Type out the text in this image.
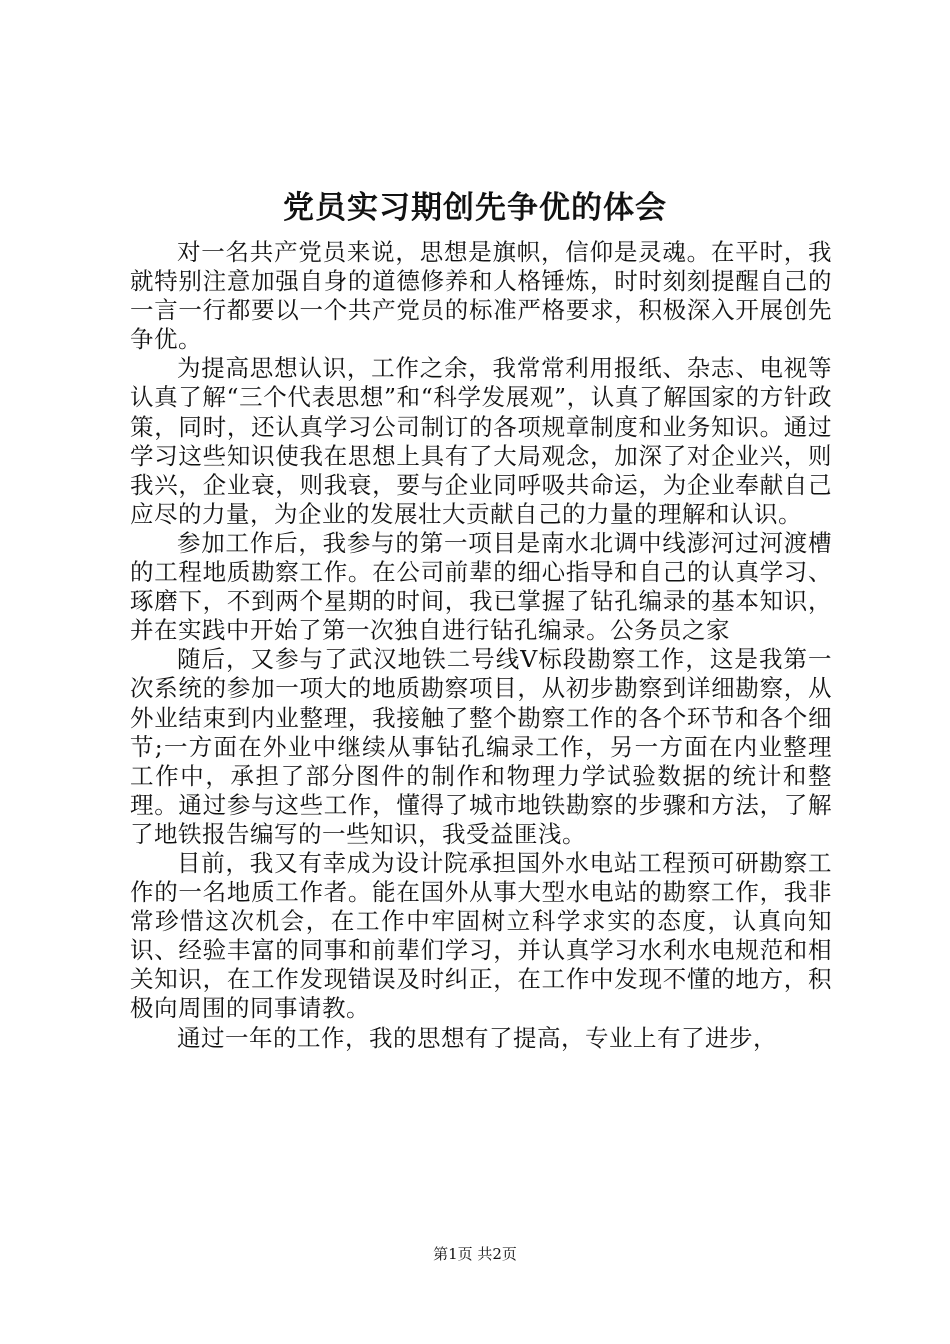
党员实习期创先争优的体会

对一名共产党员来说，思想是旗帜，信仰是灵魂。在平时，我就特别注意加强自身的道德修养和人格锤炼，时时刻刻提醒自己的一言一行都要以一个共产党员的标准严格要求，积极深入开展创先争优。

为提高思想认识，工作之余，我常常利用报纸、杂志、电视等认真了解“三个代表思想”和“科学发展观”，认真了解国家的方针政策，同时，还认真学习公司制订的各项规章制度和业务知识。通过学习这些知识使我在思想上具有了大局观念，加深了对企业兴，则我兴，企业衰，则我衰，要与企业同呼吸共命运，为企业奉献自己应尽的力量，为企业的发展壮大贡献自己的力量的理解和认识。

参加工作后，我参与的第一项目是南水北调中线澎河过河渡槽的工程地质勘察工作。在公司前辈的细心指导和自己的认真学习、琢磨下，不到两个星期的时间，我已掌握了钻孔编录的基本知识，并在实践中开始了第一次独自进行钻孔编录。公务员之家

随后，又参与了武汉地铁二号线Ⅴ标段勘察工作，这是我第一次系统的参加一项大的地质勘察项目，从初步勘察到详细勘察，从外业结束到内业整理，我接触了整个勘察工作的各个环节和各个细节;一方面在外业中继续从事钻孔编录工作，另一方面在内业整理工作中，承担了部分图件的制作和物理力学试验数据的统计和整理。通过参与这些工作，懂得了城市地铁勘察的步骤和方法，了解了地铁报告编写的一些知识，我受益匪浅。

目前，我又有幸成为设计院承担国外水电站工程预可研勘察工作的一名地质工作者。能在国外从事大型水电站的勘察工作，我非常珍惜这次机会，在工作中牢固树立科学求实的态度，认真向知识、经验丰富的同事和前辈们学习，并认真学习水利水电规范和相关知识，在工作发现错误及时纠正，在工作中发现不懂的地方，积极向周围的同事请教。

通过一年的工作，我的思想有了提高，专业上有了进步，

第1页 共2页
